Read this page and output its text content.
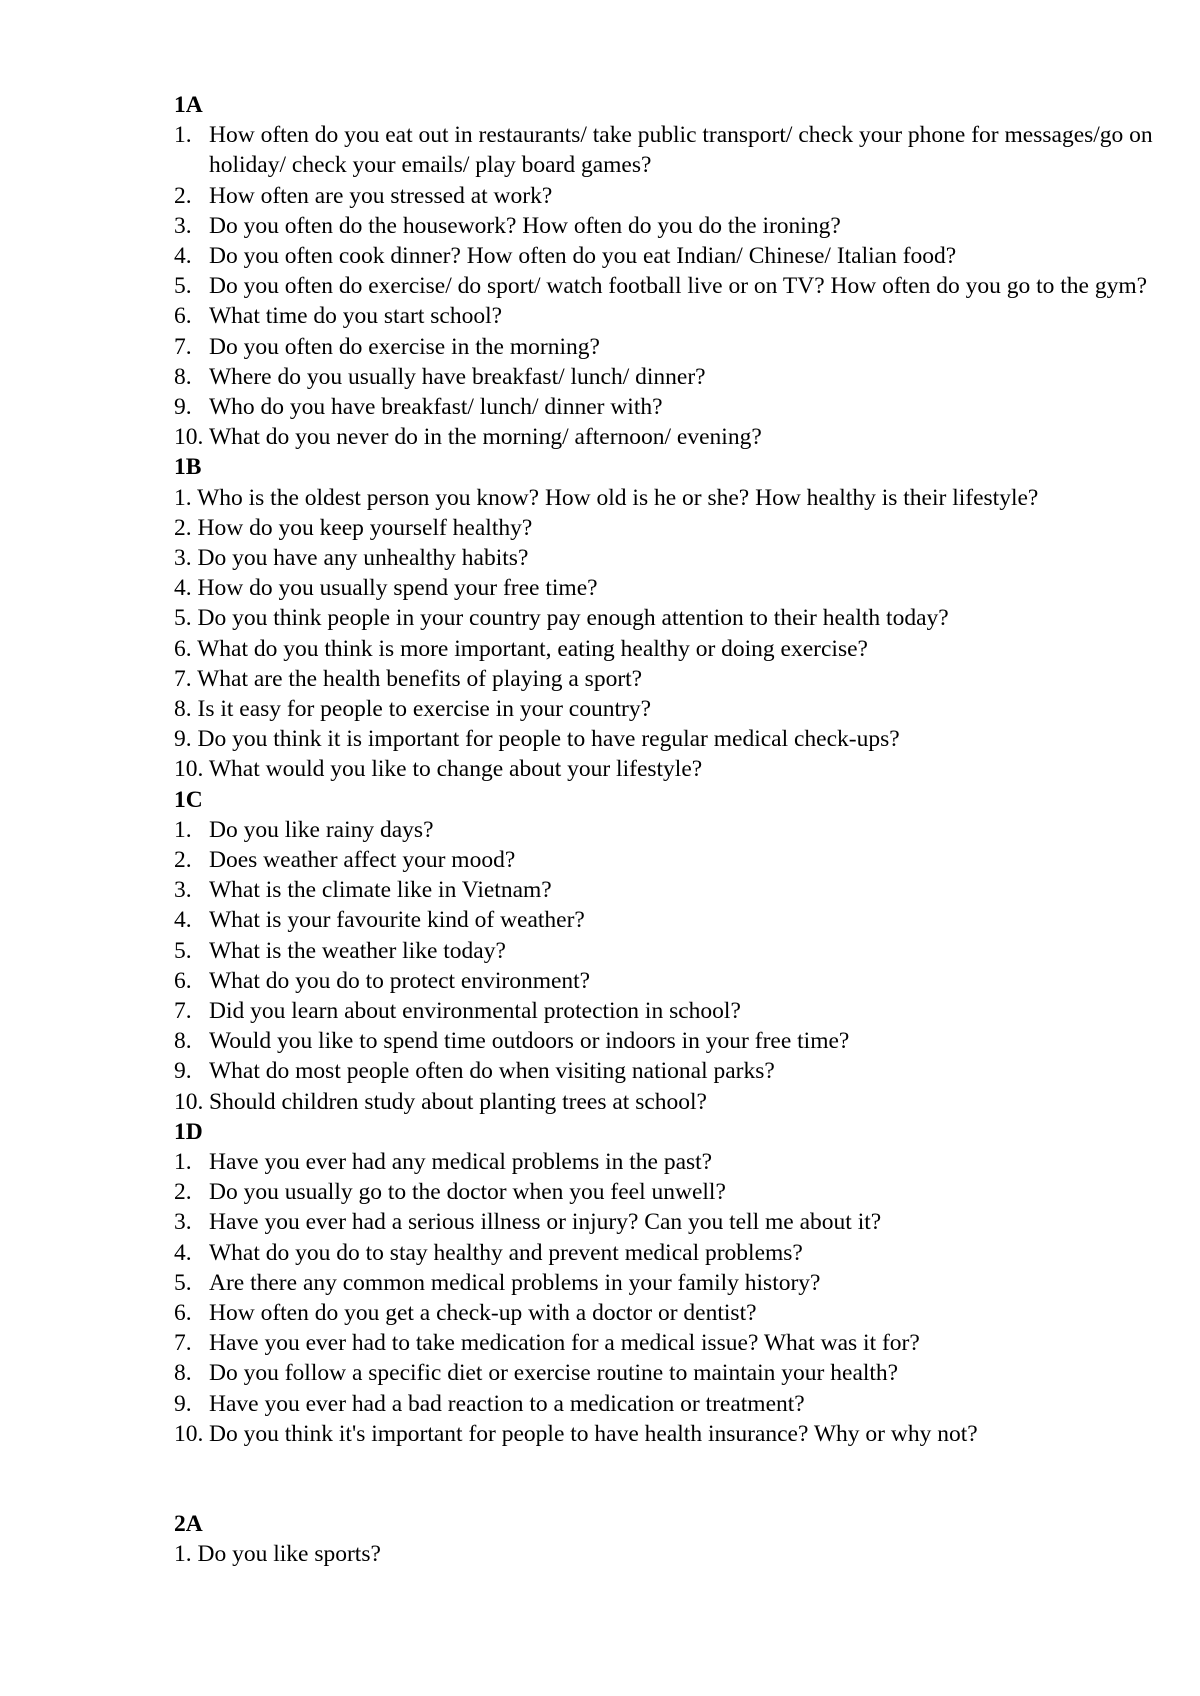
1A
1. How often do you eat out in restaurants/ take public transport/ check your phone for messages/go on holiday/ check your emails/ play board games?
2. How often are you stressed at work?
3. Do you often do the housework? How often do you do the ironing?
4. Do you often cook dinner? How often do you eat Indian/ Chinese/ Italian food?
5. Do you often do exercise/ do sport/ watch football live or on TV? How often do you go to the gym?
6. What time do you start school?
7. Do you often do exercise in the morning?
8. Where do you usually have breakfast/ lunch/ dinner?
9. Who do you have breakfast/ lunch/ dinner with?
10. What do you never do in the morning/ afternoon/ evening?
1B
1. Who is the oldest person you know? How old is he or she? How healthy is their lifestyle?
2. How do you keep yourself healthy?
3. Do you have any unhealthy habits?
4. How do you usually spend your free time?
5. Do you think people in your country pay enough attention to their health today?
6. What do you think is more important, eating healthy or doing exercise?
7. What are the health benefits of playing a sport?
8. Is it easy for people to exercise in your country?
9. Do you think it is important for people to have regular medical check-ups?
10. What would you like to change about your lifestyle?
1C
1. Do you like rainy days?
2. Does weather affect your mood?
3. What is the climate like in Vietnam?
4. What is your favourite kind of weather?
5. What is the weather like today?
6. What do you do to protect environment?
7. Did you learn about environmental protection in school?
8. Would you like to spend time outdoors or indoors in your free time?
9. What do most people often do when visiting national parks?
10. Should children study about planting trees at school?
1D
1. Have you ever had any medical problems in the past?
2. Do you usually go to the doctor when you feel unwell?
3. Have you ever had a serious illness or injury? Can you tell me about it?
4. What do you do to stay healthy and prevent medical problems?
5. Are there any common medical problems in your family history?
6. How often do you get a check-up with a doctor or dentist?
7. Have you ever had to take medication for a medical issue? What was it for?
8. Do you follow a specific diet or exercise routine to maintain your health?
9. Have you ever had a bad reaction to a medication or treatment?
10. Do you think it's important for people to have health insurance? Why or why not?
2A
1. Do you like sports?
